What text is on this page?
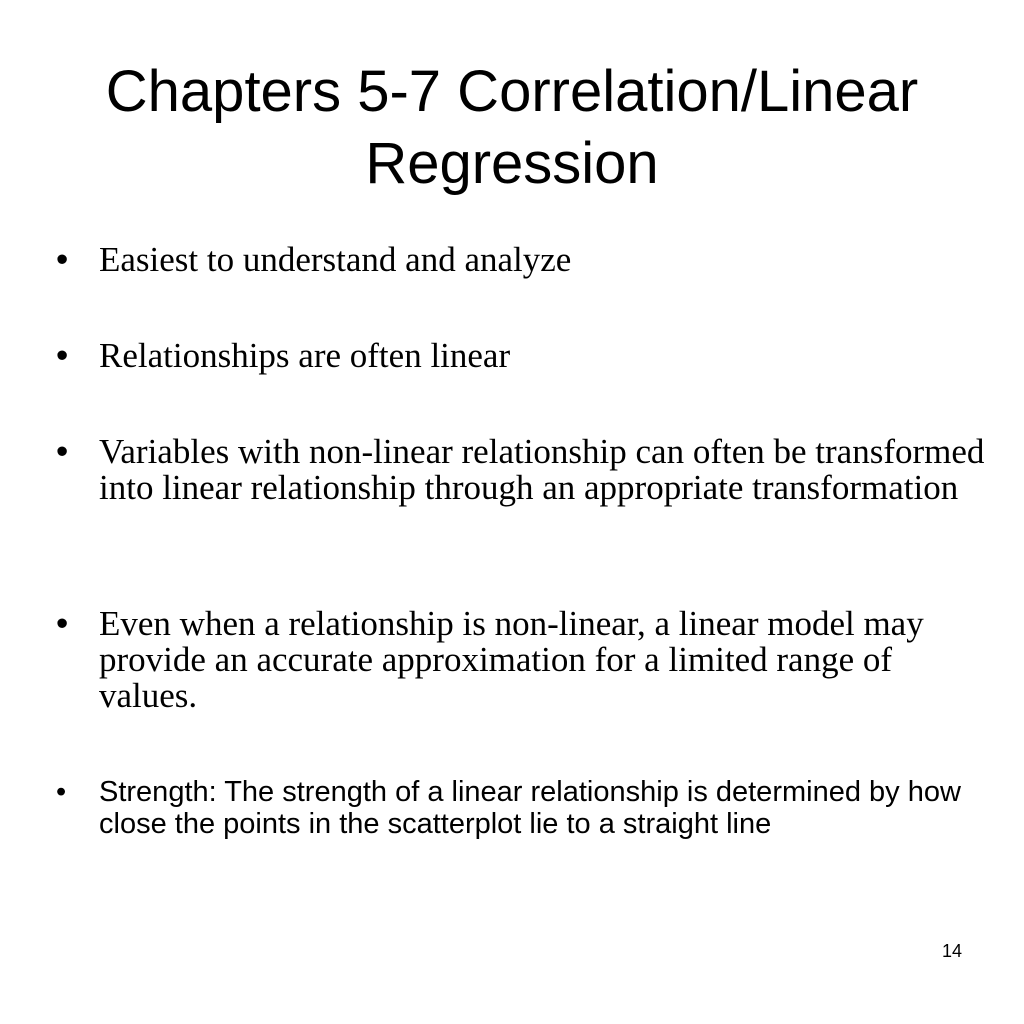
Chapters 5-7 Correlation/Linear Regression
• Easiest to understand and analyze
• Relationships are often linear
• Variables with non-linear relationship can often be transformed into linear relationship through an appropriate transformation
• Even when a relationship is non-linear, a linear model may provide an accurate approximation for a limited range of values.
• Strength: The strength of a linear relationship is determined by how close the points in the scatterplot lie to a straight line
14
